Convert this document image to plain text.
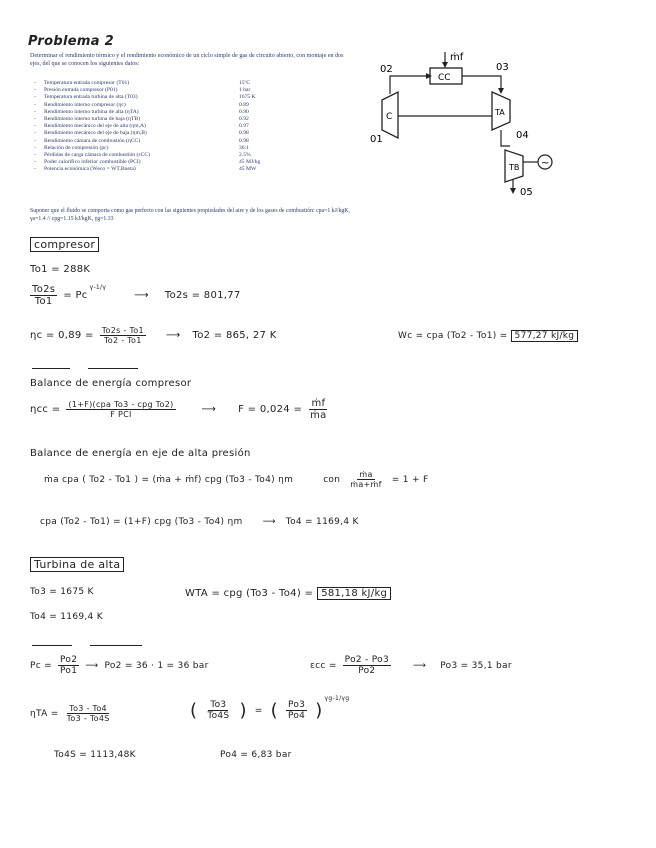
Problema 2
Determinar el rendimiento térmico y el rendimiento económico de un ciclo simple de gas de circuito abierto, con montaje en dos ejes, del que se conocen los siguientes datos:
-	Temperatura entrada compresor (T01)	15ºC
-	Presión entrada compresor (P01)	1 bar
-	Temperatura entrada turbina de alta (T03)	1675 K
-	Rendimiento interno compresor (ηc)	0.89
-	Rendimiento interno turbina de alta (ηTA)	0.90
-	Rendimiento interno turbina de baja (ηTB)	0.92
-	Rendimiento mecánico del eje de alta (ηm,A)	0.97
-	Rendimiento mecánico del eje de baja (ηm,B)	0.98
-	Rendimiento cámara de combustión (ηCC)	0.98
-	Relación de compresión (pc)	36:1
-	Pérdidas de carga cámara de combustión (εCC)	2.5%
-	Poder calorífico inferior combustible (PCI)	45 MJ/kg
-	Potencia económica (Ẇeco = ẆT,Bneta)	45 MW
Suponer que el fluido se comporta como gas perfecto con las siguientes propiedades del aire y de los gases de combustión: cpa=1 kJ/kgK, γa=1.4 // cpg=1.15 kJ/kgK, γg=1.33
02	03
01	04
05
ṁf
CC
C	TA
TB ~
compresor
To1 = 288K
$\frac{To2s}{To1} = Pc$
γ-1/γ
⟶ To2s = 801,77
$\eta c = 0,89 = \frac{To2s - To1}{To2 - To1}$ ⟶ To2 = 865, 27 K	Wc = cpa (To2 - To1) = 577,27 kJ/kg
Balance de energía compresor
$\eta cc = \frac{\text{(1+F)(cpa To3 - cpg To2)}}{\text{F PCI}}$	⟶ $F = 0,024 = \frac{\text{ṁf}}{\text{ṁa}}$
Balance de energía en eje de alta presión
ṁa cpa ( To2 - To1 ) = (ṁa + ṁf) cpg (To3 - To4) ηm	con $\frac{\text{ṁa}}{\text{ṁa+ṁf}} = 1 + F$
cpa (To2 - To1) = (1+F) cpg (To3 - To4) ηm ⟶ To4 = 1169,4 K
Turbina de alta
To3 = 1675 K
To4 = 1169,4 K
WTA = cpg (To3 - To4) = 581,18 kJ/kg
$Pc = \frac{Po2}{Po1}$ ⟶ Po2 = 36 · 1 = 36 bar	$\varepsilon cc = \frac{Po2 - Po3}{Po2}$ ⟶ Po3 = 35,1 bar
$\eta TA = \frac{To3 - To4}{To3 - To4S}$	( $\frac{To3}{To4S}$ ) = ( $\frac{Po3}{Po4}$ )
γg-1/γg
To4S = 1113,48K	Po4 = 6,83 bar
